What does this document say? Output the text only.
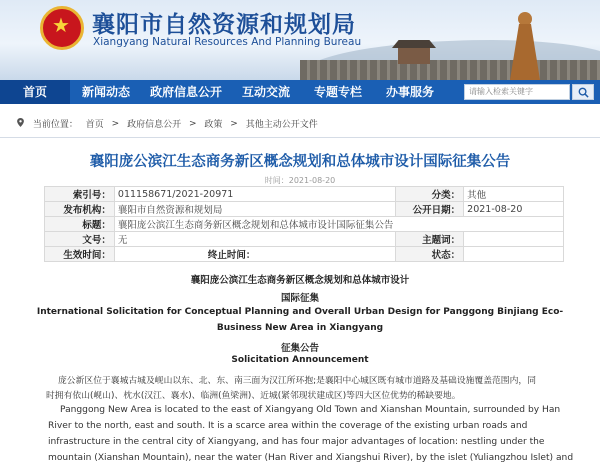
★ 襄阳市自然资源和规划局
Xiangyang Natural Resources And Planning Bureau
首页	新闻动态	政府信息公开	互动交流	专题专栏	办事服务	请输入检索关键字
当前位置： 首页 > 政府信息公开 > 政策 > 其他主动公开文件
襄阳庞公滨江生态商务新区概念规划和总体城市设计国际征集公告
时间：2021-08-20
索引号：	011158671/2021-20971	分类：	其他
发布机构：	襄阳市自然资源和规划局	公开日期：	2021-08-20
标题：	襄阳庞公滨江生态商务新区概念规划和总体城市设计国际征集公告		
文号：	无	主题词：	
生效时间：	终止时间：	状态：	
襄阳庞公滨江生态商务新区概念规划和总体城市设计
国际征集
International Solicitation for Conceptual Planning and Overall Urban Design for Panggong Binjiang Eco-
Business New Area in Xiangyang
征集公告
Solicitation Announcement
庞公新区位于襄城古城及岘山以东、北、东、南三面为汉江所环抱;是襄阳中心城区既有城市道路及基础设施覆盖范围内，同
时拥有依山(岘山)、枕水(汉江、襄水)、临洲(鱼梁洲)、近城(紧邻现状建成区)等四大区位优势的稀缺要地。
Panggong New Area is located to the east of Xiangyang Old Town and Xianshan Mountain, surrounded by Han
River to the north, east and south. It is a scarce area within the coverage of the existing urban roads and
infrastructure in the central city of Xiangyang, and has four major advantages of location: nestling under the
mountain (Xianshan Mountain), near the water (Han River and Xiangshui River), by the islet (Yuliangzhou Islet) and
